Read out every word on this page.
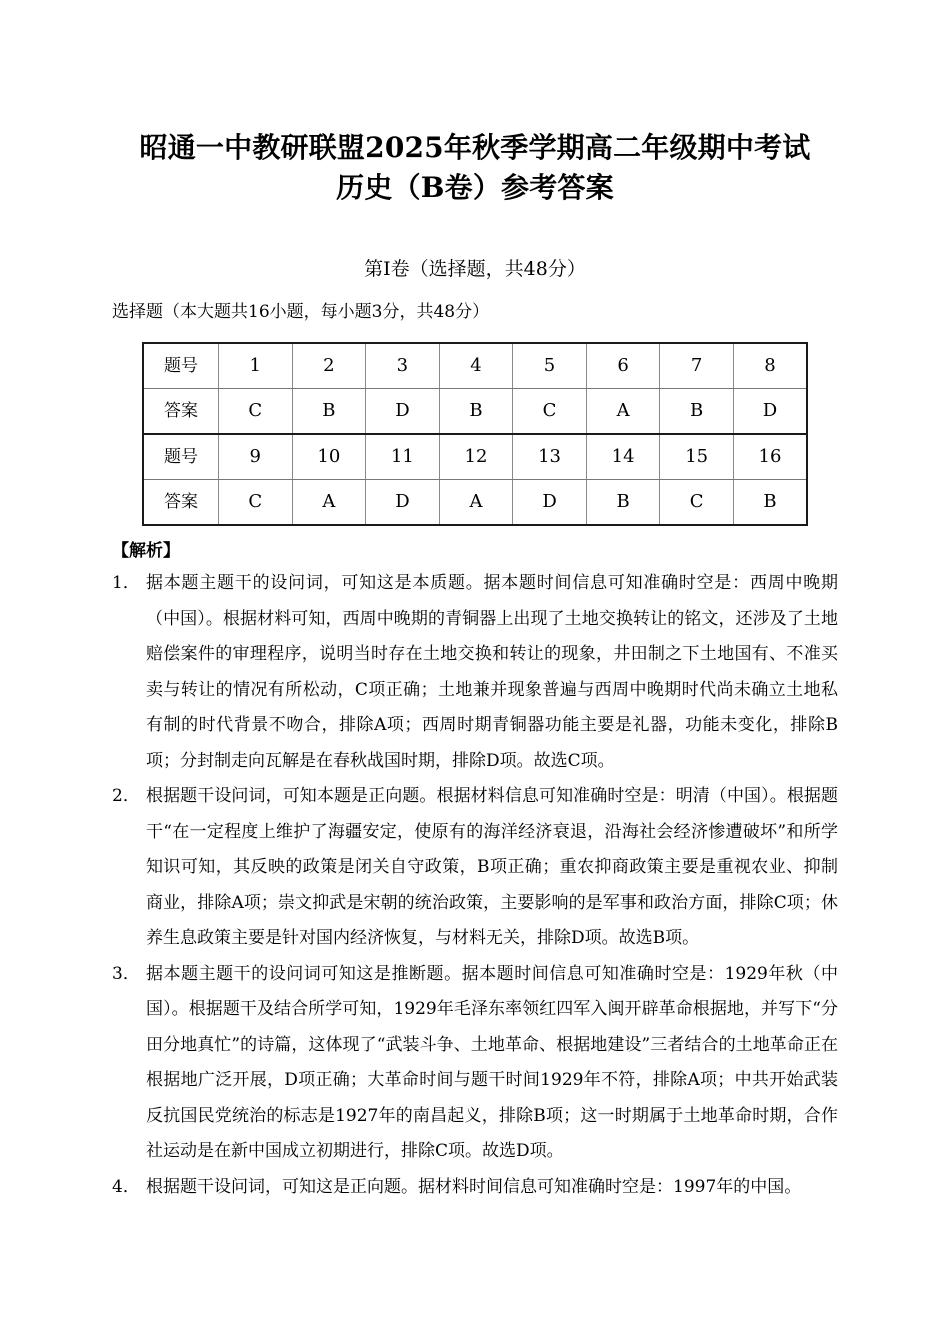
昭通一中教研联盟2025年秋季学期高二年级期中考试
历史（B卷）参考答案
第Ⅰ卷（选择题，共48分）
选择题（本大题共16小题，每小题3分，共48分）
题号	1	2	3	4	5	6	7	8
答案	C	B	D	B	C	A	B	D
题号	9	10	11	12	13	14	15	16
答案	C	A	D	A	D	B	C	B
【解析】
1． 据本题主题干的设问词，可知这是本质题。据本题时间信息可知准确时空是：西周中晚期（中国）。根据材料可知，西周中晚期的青铜器上出现了土地交换转让的铭文，还涉及了土地赔偿案件的审理程序，说明当时存在土地交换和转让的现象，井田制之下土地国有、不准买卖与转让的情况有所松动，C项正确；土地兼并现象普遍与西周中晚期时代尚未确立土地私有制的时代背景不吻合，排除A项；西周时期青铜器功能主要是礼器，功能未变化，排除B项；分封制走向瓦解是在春秋战国时期，排除D项。故选C项。
2． 根据题干设问词，可知本题是正向题。根据材料信息可知准确时空是：明清（中国）。根据题干“在一定程度上维护了海疆安定，使原有的海洋经济衰退，沿海社会经济惨遭破坏”和所学知识可知，其反映的政策是闭关自守政策，B项正确；重农抑商政策主要是重视农业、抑制商业，排除A项；崇文抑武是宋朝的统治政策，主要影响的是军事和政治方面，排除C项；休养生息政策主要是针对国内经济恢复，与材料无关，排除D项。故选B项。
3． 据本题主题干的设问词可知这是推断题。据本题时间信息可知准确时空是：1929年秋（中国）。根据题干及结合所学可知，1929年毛泽东率领红四军入闽开辟革命根据地，并写下“分田分地真忙”的诗篇，这体现了“武装斗争、土地革命、根据地建设”三者结合的土地革命正在根据地广泛开展，D项正确；大革命时间与题干时间1929年不符，排除A项；中共开始武装反抗国民党统治的标志是1927年的南昌起义，排除B项；这一时期属于土地革命时期，合作社运动是在新中国成立初期进行，排除C项。故选D项。
4． 根据题干设问词，可知这是正向题。据材料时间信息可知准确时空是：1997年的中国。
